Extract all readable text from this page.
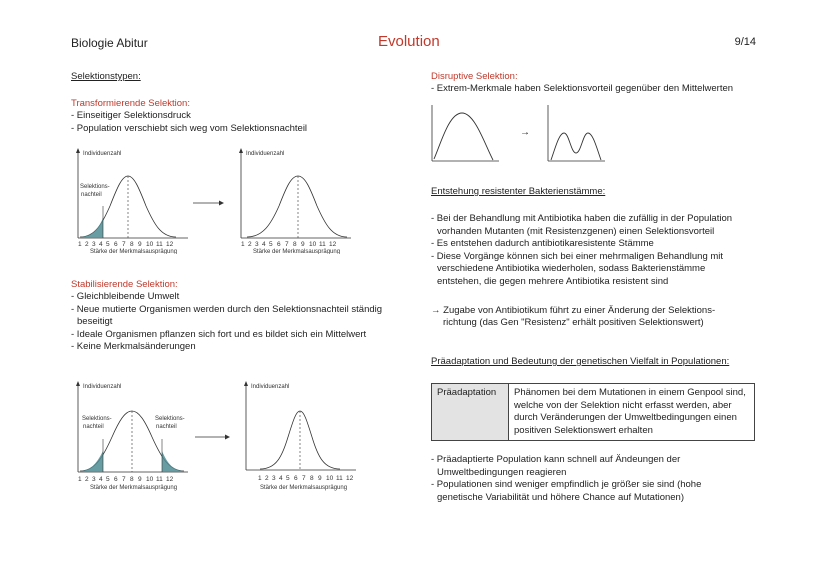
Biologie Abitur	Evolution	9/14
Selektionstypen:
Transformierende Selektion:
- Einseitiger Selektionsdruck
- Population verschiebt sich weg vom Selektionsnachteil
Individuenzahl
Selektions-
nachteil
1 2 3 4 5 6 7 8 9 10 11 12
Stärke der Merkmalsausprägung
Individuenzahl
1 2 3 4 5 6 7 8 9 10 11 12
Stärke der Merkmalsausprägung
Stabilisierende Selektion:
- Gleichbleibende Umwelt
- Neue mutierte Organismen werden durch den Selektionsnachteil ständig
beseitigt
- Ideale Organismen pflanzen sich fort und es bildet sich ein Mittelwert
- Keine Merkmalsänderungen
Individuenzahl
Selektions-
nachteil
Selektions-
nachteil
1 2 3 4 5 6 7 8 9 10 11 12
Stärke der Merkmalsausprägung
Individuenzahl
1 2 3 4 5 6 7 8 9 10 11 12
Stärke der Merkmalsausprägung
Disruptive Selektion:
- Extrem-Merkmale haben Selektionsvorteil gegenüber den Mittelwerten
→
Entstehung resistenter Bakterienstämme:
- Bei der Behandlung mit Antibiotika haben die zufällig in der Population
vorhanden Mutanten (mit Resistenzgenen) einen Selektionsvorteil
- Es entstehen dadurch antibiotikaresistente Stämme
- Diese Vorgänge können sich bei einer mehrmaligen Behandlung mit
verschiedene Antibiotika wiederholen, sodass Bakterienstämme
entstehen, die gegen mehrere Antibiotika resistent sind
→ Zugabe von Antibiotikum führt zu einer Änderung der Selektions-
richtung (das Gen "Resistenz" erhält positiven Selektionswert)
Präadaptation und Bedeutung der genetischen Vielfalt in Populationen:
Präadaptation	Phänomen bei dem Mutationen in einem Genpool sind, welche von der Selektion nicht erfasst werden, aber durch Veränderungen der Umweltbedingungen einen positiven Selektionswert erhalten
- Präadaptierte Population kann schnell auf Ändeungen der
Umweltbedingungen reagieren
- Populationen sind weniger empfindlich je größer sie sind (hohe
genetische Variabilität und höhere Chance auf Mutationen)
